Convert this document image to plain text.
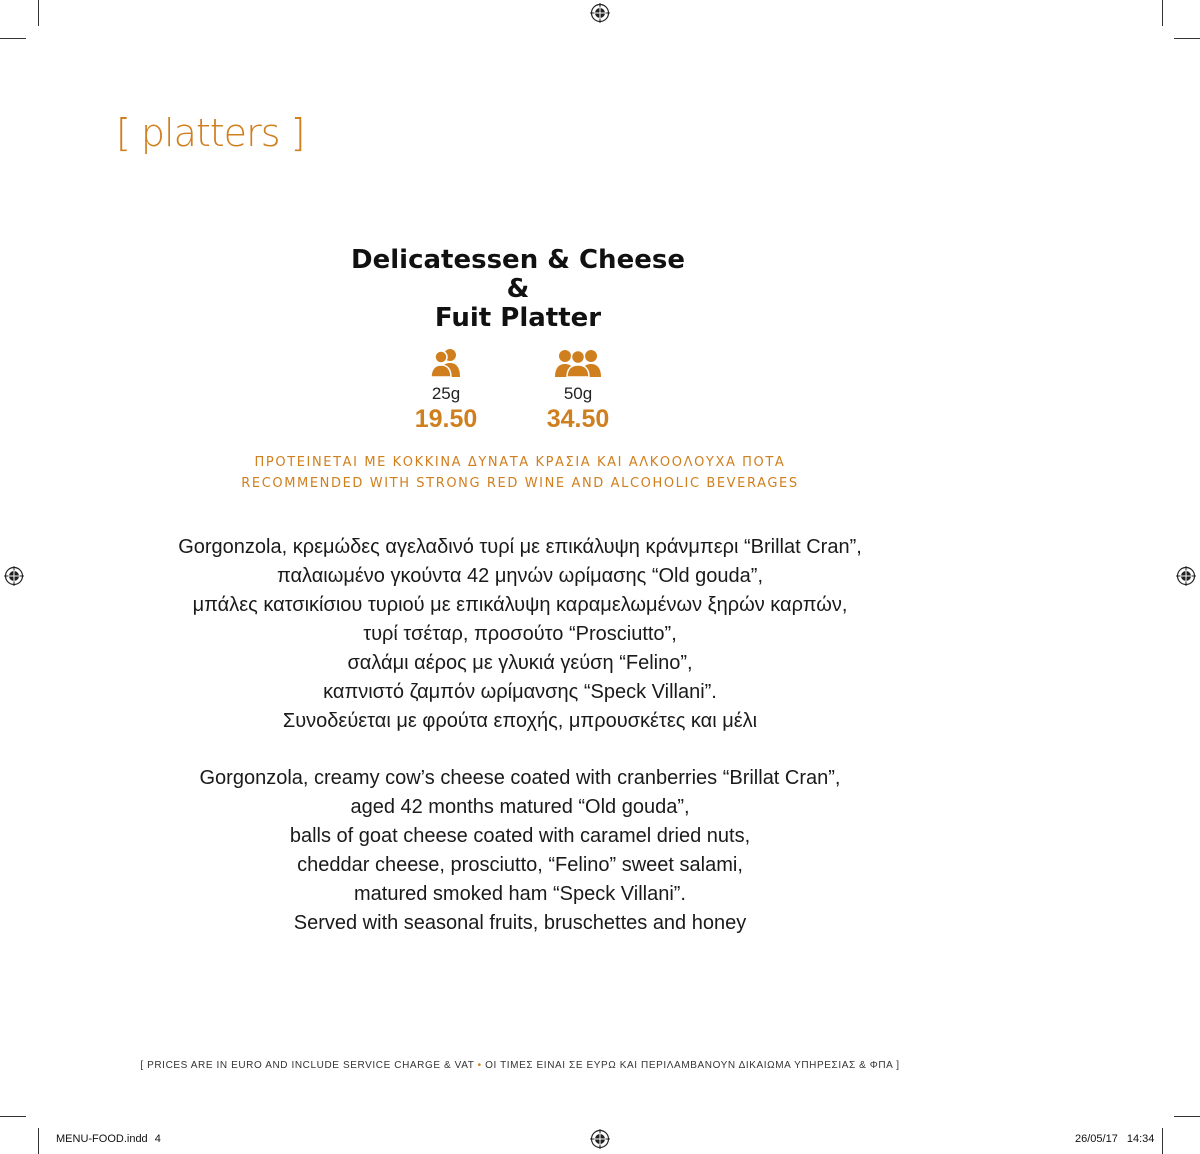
[ platters ]
Delicatessen & Cheese
&
Fuit Platter
25g
19.50
50g
34.50
ΠΡΟΤΕΙΝΕΤΑΙ ΜΕ ΚΟΚΚΙΝΑ ΔΥΝΑΤΑ ΚΡΑΣΙΑ ΚΑΙ ΑΛΚΟΟΛΟΥΧΑ ΠΟΤΑ
RECOMMENDED WITH STRONG RED WINE AND ALCOHOLIC BEVERAGES
Gorgonzola, κρεμώδες αγελαδινό τυρί με επικάλυψη κράνμπερι “Brillat Cran”,
παλαιωμένο γκούντα 42 μηνών ωρίμασης “Old gouda”,
μπάλες κατσικίσιου τυριού με επικάλυψη καραμελωμένων ξηρών καρπών,
τυρί τσέταρ, προσούτο “Prosciutto”,
σαλάμι αέρος με γλυκιά γεύση “Felino”,
καπνιστό ζαμπόν ωρίμανσης “Speck Villani”.
Συνοδεύεται με φρούτα εποχής, μπρουσκέτες και μέλι
Gorgonzola, creamy cow’s cheese coated with cranberries “Brillat Cran”,
aged 42 months matured “Old gouda”,
balls of goat cheese coated with caramel dried nuts,
cheddar cheese, prosciutto, “Felino” sweet salami,
matured smoked ham “Speck Villani”.
Served with seasonal fruits, bruschettes and honey
[ PRICES ARE IN EURO AND INCLUDE SERVICE CHARGE & VAT • ΟΙ ΤΙΜΕΣ ΕΙΝΑΙ ΣΕ ΕΥΡΩ ΚΑΙ ΠΕΡΙΛΑΜΒΑΝΟΥΝ ΔΙΚΑΙΩΜΑ ΥΠΗΡΕΣΙΑΣ & ΦΠΑ ]
MENU-FOOD.indd 4	26/05/17 14:34
